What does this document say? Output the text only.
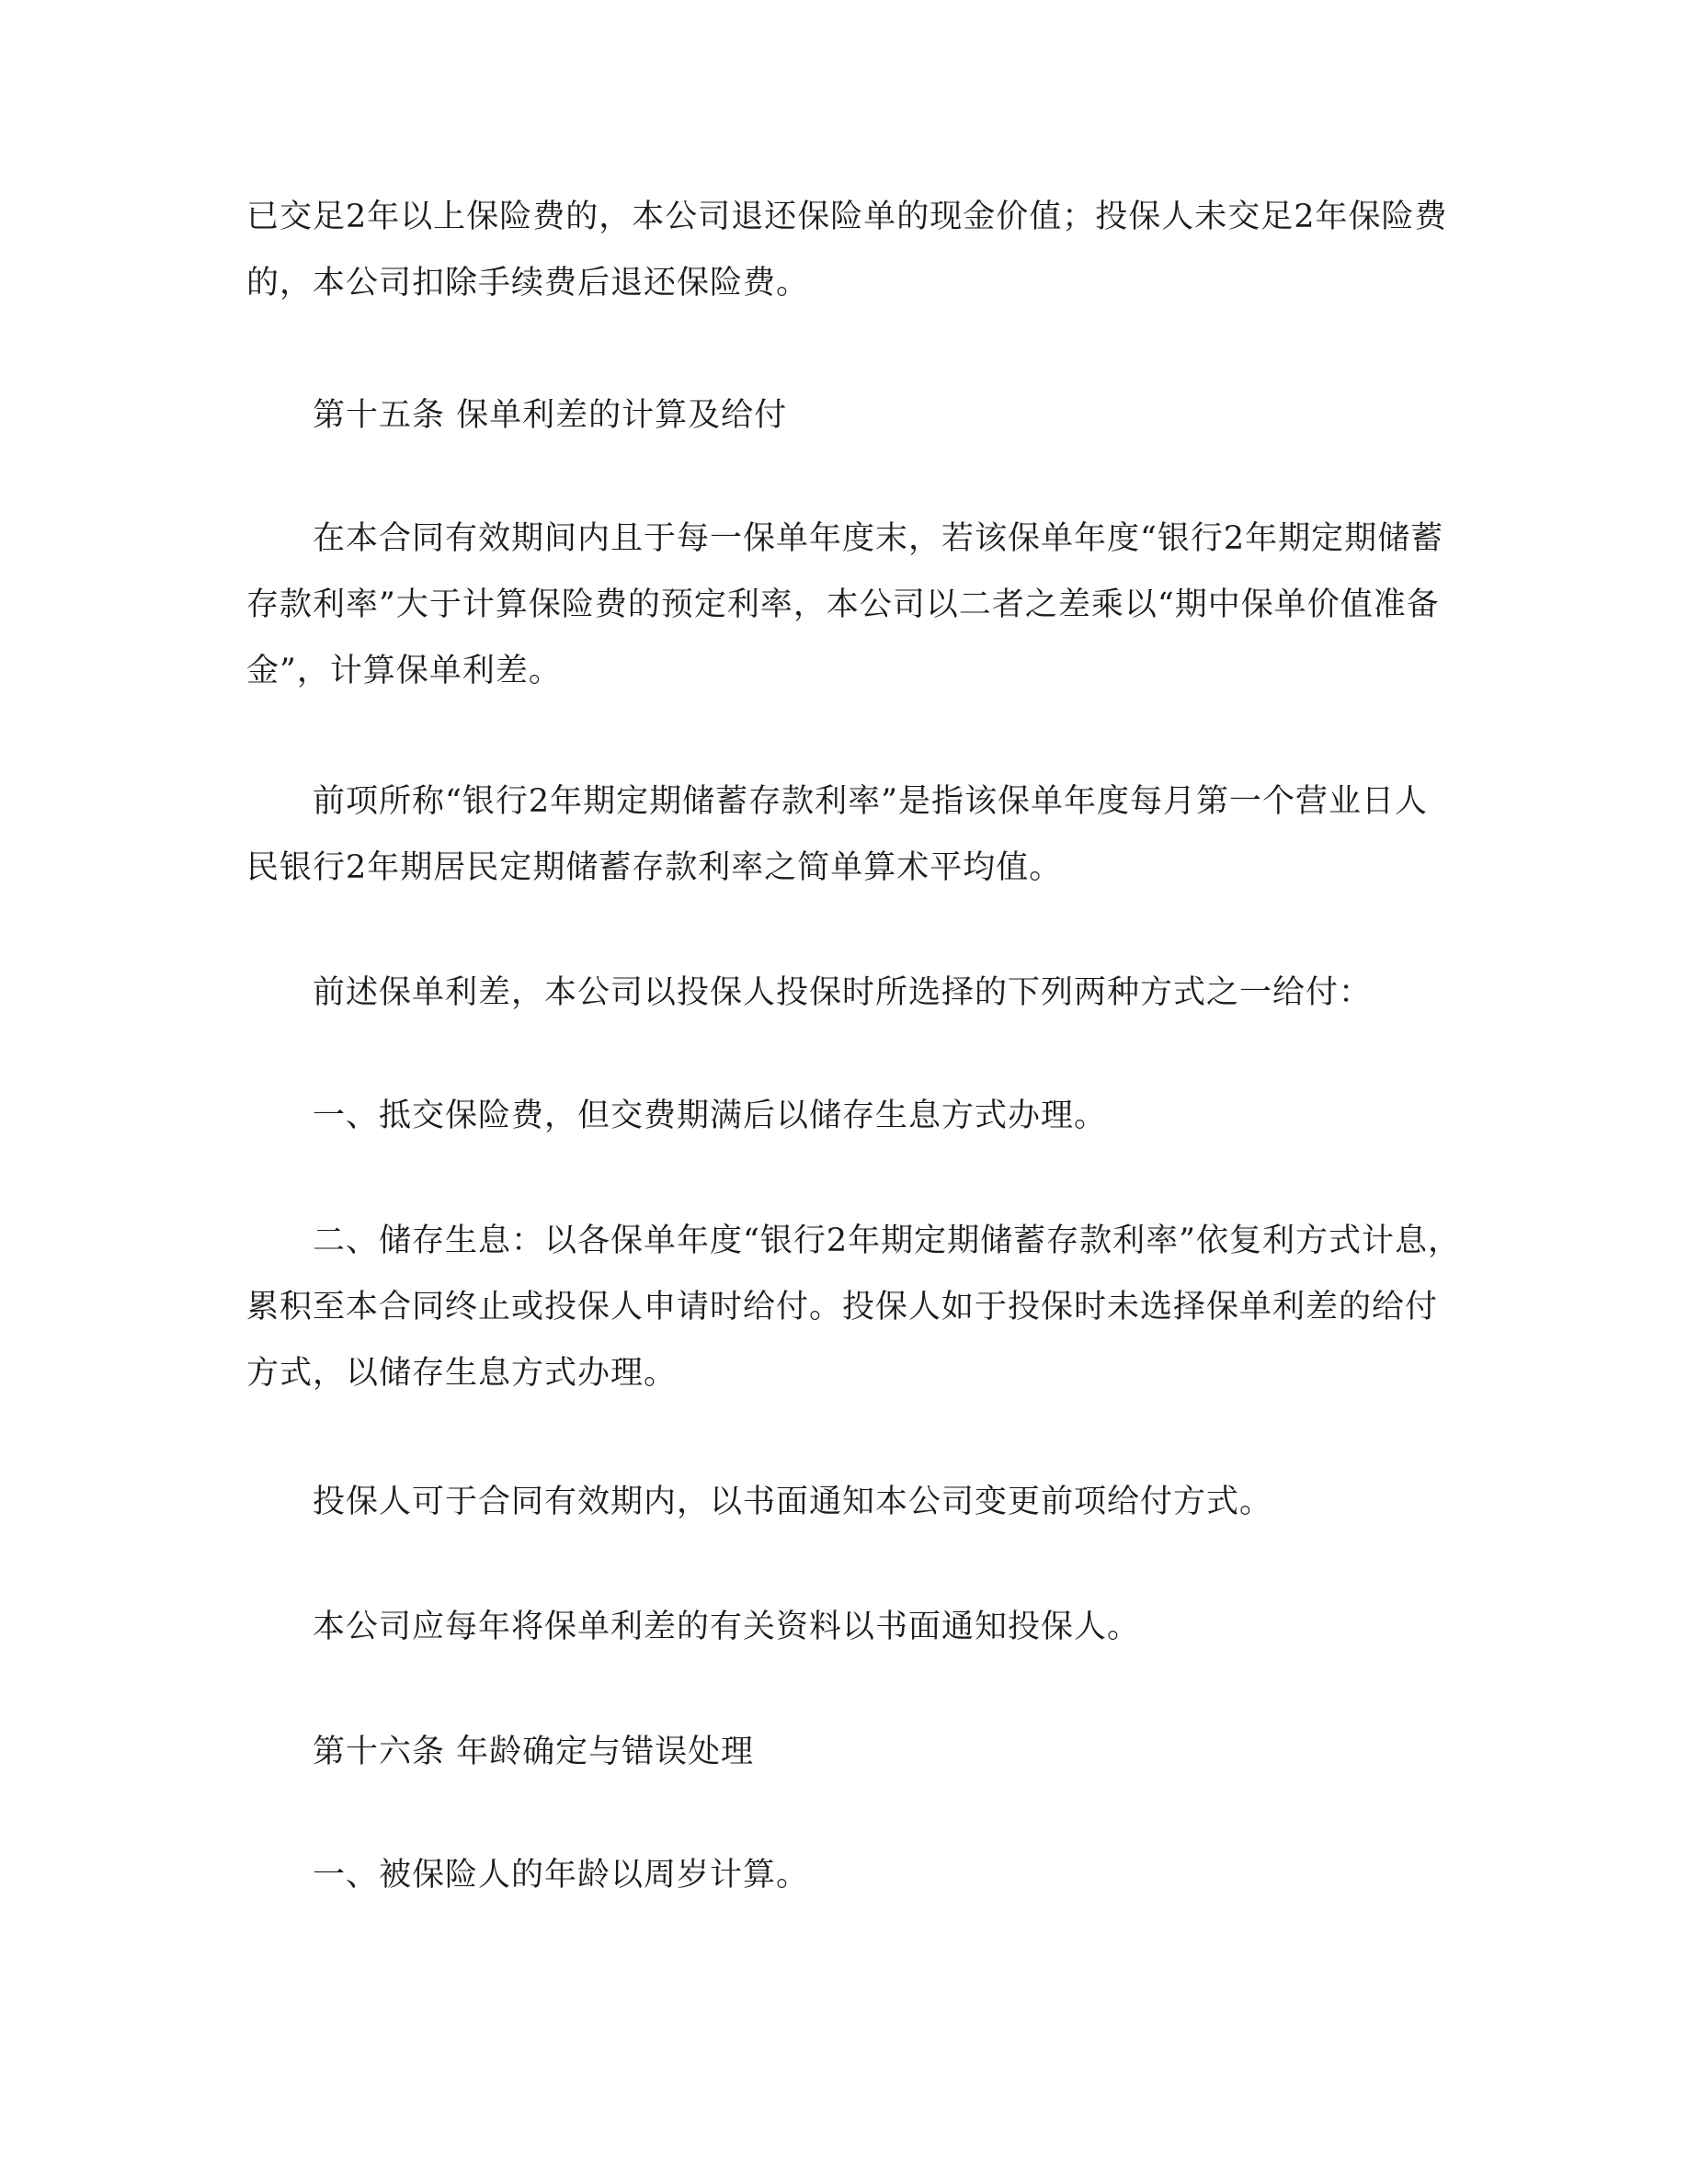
已交足2年以上保险费的，本公司退还保险单的现金价值；投保人未交足2年保险费
的，本公司扣除手续费后退还保险费。
　　第十五条 保单利差的计算及给付
　　在本合同有效期间内且于每一保单年度末，若该保单年度“银行2年期定期储蓄
存款利率”大于计算保险费的预定利率，本公司以二者之差乘以“期中保单价值准备
金”，计算保单利差。
　　前项所称“银行2年期定期储蓄存款利率”是指该保单年度每月第一个营业日人
民银行2年期居民定期储蓄存款利率之简单算术平均值。
　　前述保单利差，本公司以投保人投保时所选择的下列两种方式之一给付：
　　一、抵交保险费，但交费期满后以储存生息方式办理。
　　二、储存生息：以各保单年度“银行2年期定期储蓄存款利率”依复利方式计息，
累积至本合同终止或投保人申请时给付。投保人如于投保时未选择保单利差的给付
方式，以储存生息方式办理。
　　投保人可于合同有效期内，以书面通知本公司变更前项给付方式。
　　本公司应每年将保单利差的有关资料以书面通知投保人。
　　第十六条 年龄确定与错误处理
　　一、被保险人的年龄以周岁计算。
